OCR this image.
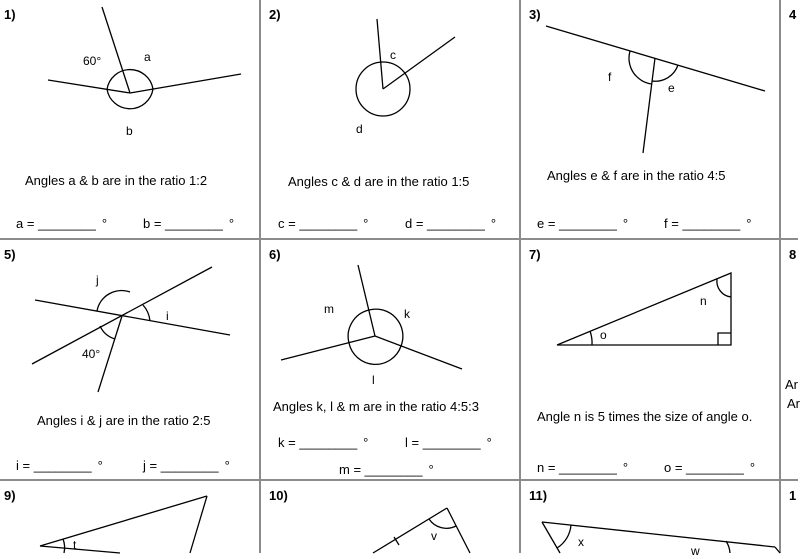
1)
60°	a
b
Angles a & b are in the ratio 1:2
a = ________ °	b = ________ °
2)
c
d
Angles c & d are in the ratio 1:5
c = ________ °	d = ________ °
3)
f
e
Angles e & f are in the ratio 4:5
e = ________ °	f = ________ °
4
5)
j
i
40°
Angles i & j are in the ratio 2:5
i = ________ °	j = ________ °
6)
m	k
l
Angles k, l & m are in the ratio 4:5:3
k = ________ °	l = ________ °
m = ________ °
7)
n
o
Angle n is 5 times the size of angle o.
n = ________ °	o = ________ °
8
Ar
Ar
9)
t
10)
v
11)
x
w
1
